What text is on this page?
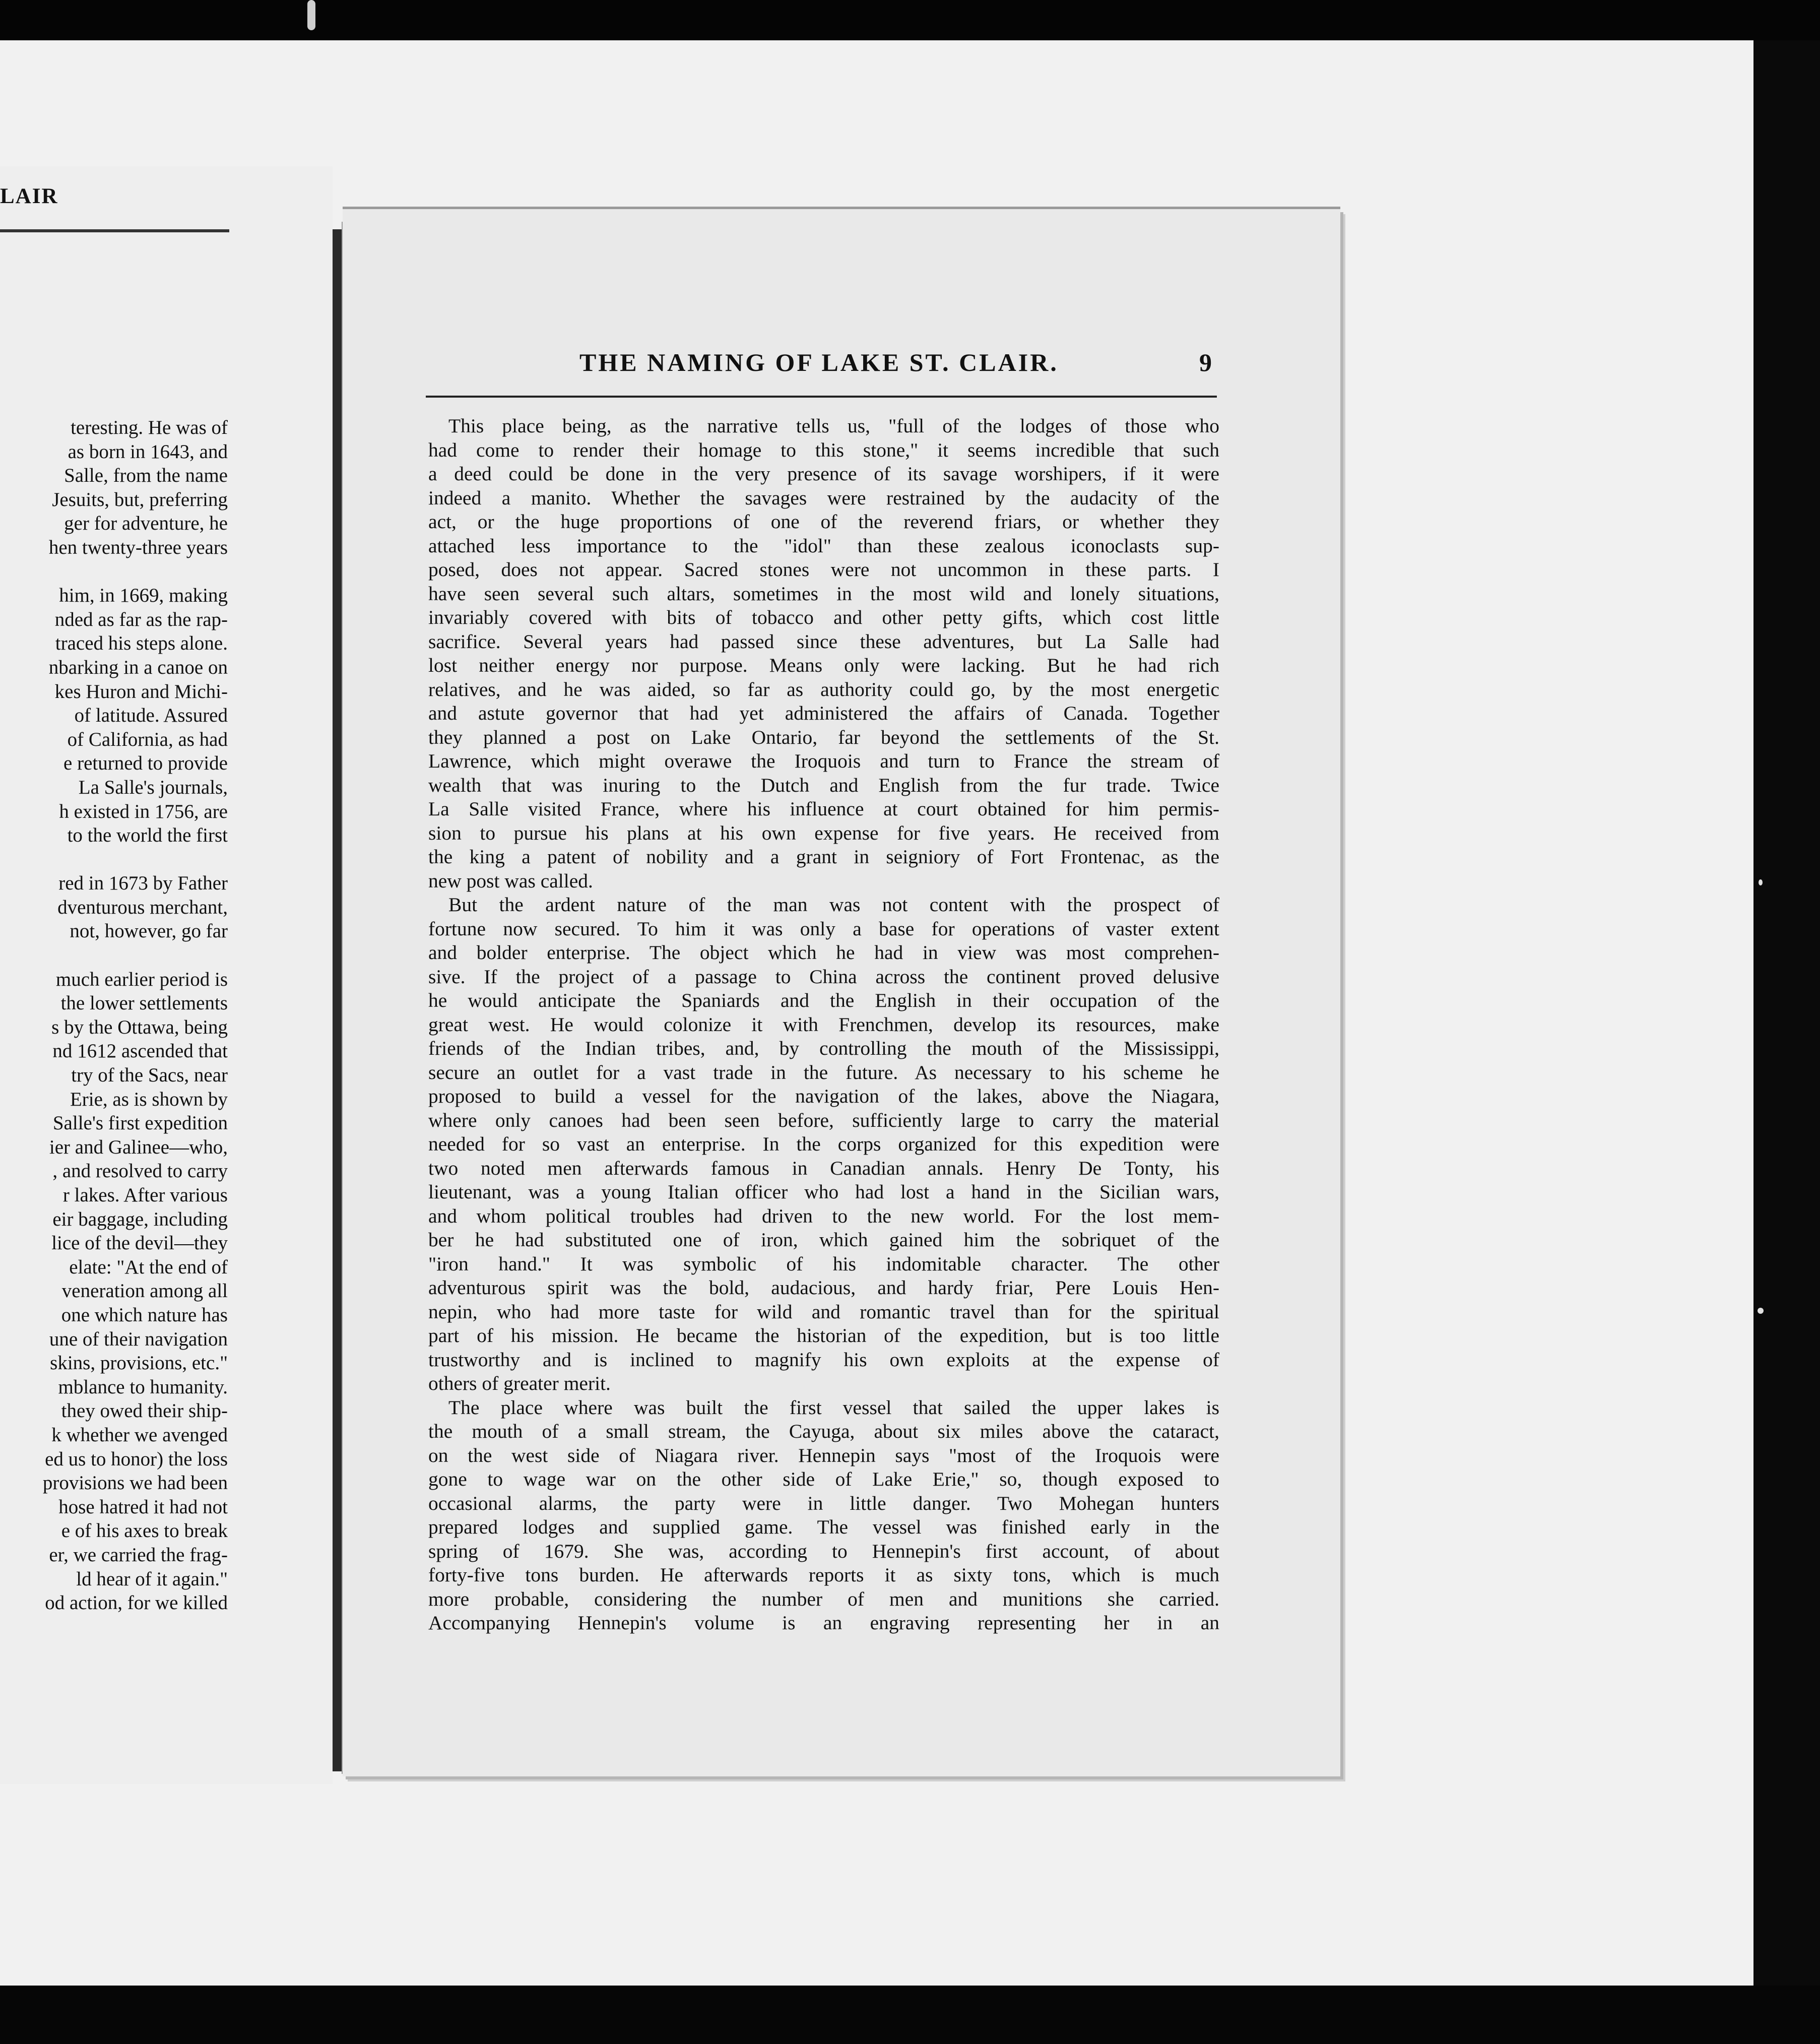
LAIR
teresting. He was of
as born in 1643, and
Salle, from the name
Jesuits, but, preferring
ger for adventure, he
hen twenty-three years

him, in 1669, making
nded as far as the rap-
traced his steps alone.
nbarking in a canoe on
kes Huron and Michi-
of latitude. Assured
of California, as had
e returned to provide
La Salle's journals,
h existed in 1756, are
to the world the first

red in 1673 by Father
dventurous merchant,
not, however, go far

much earlier period is
the lower settlements
s by the Ottawa, being
nd 1612 ascended that
try of the Sacs, near
Erie, as is shown by
Salle's first expedition
ier and Galinee—who,
, and resolved to carry
r lakes. After various
eir baggage, including
lice of the devil—they
elate: "At the end of
veneration among all
one which nature has
une of their navigation
skins, provisions, etc."
mblance to humanity.
they owed their ship-
k whether we avenged
ed us to honor) the loss
provisions we had been
hose hatred it had not
e of his axes to break
er, we carried the frag-
ld hear of it again."
od action, for we killed
THE NAMING OF LAKE ST. CLAIR.	9
This place being, as the narrative tells us, "full of the lodges of those who
had come to render their homage to this stone," it seems incredible that such
a deed could be done in the very presence of its savage worshipers, if it were
indeed a manito. Whether the savages were restrained by the audacity of the
act, or the huge proportions of one of the reverend friars, or whether they
attached less importance to the "idol" than these zealous iconoclasts sup-
posed, does not appear. Sacred stones were not uncommon in these parts. I
have seen several such altars, sometimes in the most wild and lonely situations,
invariably covered with bits of tobacco and other petty gifts, which cost little
sacrifice. Several years had passed since these adventures, but La Salle had
lost neither energy nor purpose. Means only were lacking. But he had rich
relatives, and he was aided, so far as authority could go, by the most energetic
and astute governor that had yet administered the affairs of Canada. Together
they planned a post on Lake Ontario, far beyond the settlements of the St.
Lawrence, which might overawe the Iroquois and turn to France the stream of
wealth that was inuring to the Dutch and English from the fur trade. Twice
La Salle visited France, where his influence at court obtained for him permis-
sion to pursue his plans at his own expense for five years. He received from
the king a patent of nobility and a grant in seigniory of Fort Frontenac, as the
new post was called.
But the ardent nature of the man was not content with the prospect of
fortune now secured. To him it was only a base for operations of vaster extent
and bolder enterprise. The object which he had in view was most comprehen-
sive. If the project of a passage to China across the continent proved delusive
he would anticipate the Spaniards and the English in their occupation of the
great west. He would colonize it with Frenchmen, develop its resources, make
friends of the Indian tribes, and, by controlling the mouth of the Mississippi,
secure an outlet for a vast trade in the future. As necessary to his scheme he
proposed to build a vessel for the navigation of the lakes, above the Niagara,
where only canoes had been seen before, sufficiently large to carry the material
needed for so vast an enterprise. In the corps organized for this expedition were
two noted men afterwards famous in Canadian annals. Henry De Tonty, his
lieutenant, was a young Italian officer who had lost a hand in the Sicilian wars,
and whom political troubles had driven to the new world. For the lost mem-
ber he had substituted one of iron, which gained him the sobriquet of the
"iron hand." It was symbolic of his indomitable character. The other
adventurous spirit was the bold, audacious, and hardy friar, Pere Louis Hen-
nepin, who had more taste for wild and romantic travel than for the spiritual
part of his mission. He became the historian of the expedition, but is too little
trustworthy and is inclined to magnify his own exploits at the expense of
others of greater merit.
The place where was built the first vessel that sailed the upper lakes is
the mouth of a small stream, the Cayuga, about six miles above the cataract,
on the west side of Niagara river. Hennepin says "most of the Iroquois were
gone to wage war on the other side of Lake Erie," so, though exposed to
occasional alarms, the party were in little danger. Two Mohegan hunters
prepared lodges and supplied game. The vessel was finished early in the
spring of 1679. She was, according to Hennepin's first account, of about
forty-five tons burden. He afterwards reports it as sixty tons, which is much
more probable, considering the number of men and munitions she carried.
Accompanying Hennepin's volume is an engraving representing her in an
